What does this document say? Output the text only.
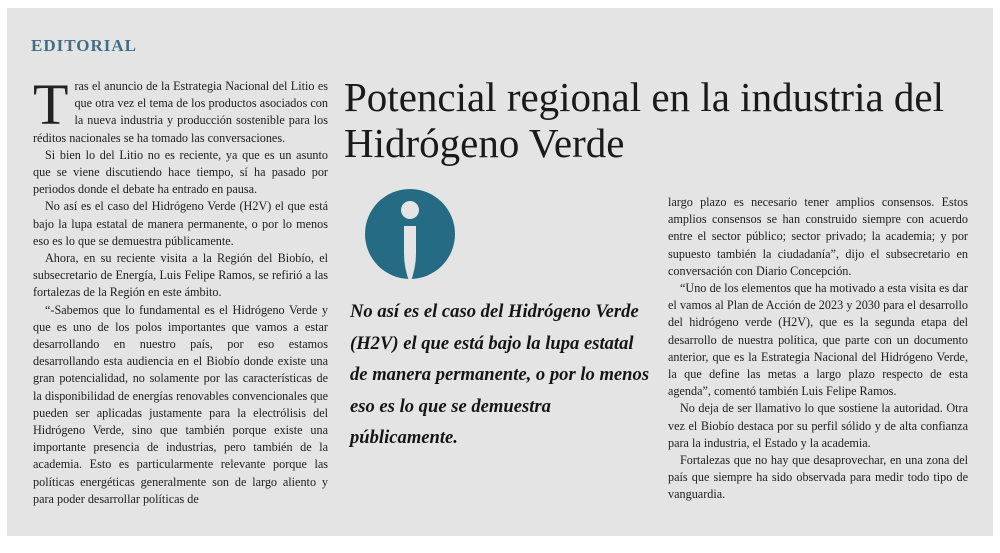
EDITORIAL

Tras el anuncio de la Estrategia Nacional del Litio es que otra vez el tema de los productos asociados con la nueva industria y producción sostenible para los réditos nacionales se ha tomado las conversaciones.

Si bien lo del Litio no es reciente, ya que es un asunto que se viene discutiendo hace tiempo, sí ha pasado por periodos donde el debate ha entrado en pausa.

No así es el caso del Hidrógeno Verde (H2V) el que está bajo la lupa estatal de manera permanente, o por lo menos eso es lo que se demuestra públicamente.

Ahora, en su reciente visita a la Región del Biobío, el subsecretario de Energía, Luis Felipe Ramos, se refirió a las fortalezas de la Región en este ámbito.

“-Sabemos que lo fundamental es el Hidrógeno Verde y que es uno de los polos importantes que vamos a estar desarrollando en nuestro país, por eso estamos desarrollando esta audiencia en el Biobío donde existe una gran potencialidad, no solamente por las características de la disponibilidad de energías renovables convencionales que pueden ser aplicadas justamente para la electrólisis del Hidrógeno Verde, sino que también porque existe una importante presencia de industrias, pero también de la academia. Esto es particularmente relevante porque las políticas energéticas generalmente son de largo aliento y para poder desarrollar políticas de

Potencial regional en la industria del Hidrógeno Verde
No así es el caso del Hidrógeno Verde (H2V) el que está bajo la lupa estatal de manera permanente, o por lo menos eso es lo que se demuestra públicamente.

largo plazo es necesario tener amplios consensos. Estos amplios consensos se han construido siempre con acuerdo entre el sector público; sector privado; la academia; y por supuesto también la ciudadanía”, dijo el subsecretario en conversación con Diario Concepción.

“Uno de los elementos que ha motivado a esta visita es dar el vamos al Plan de Acción de 2023 y 2030 para el desarrollo del hidrógeno verde (H2V), que es la segunda etapa del desarrollo de nuestra política, que parte con un documento anterior, que es la Estrategia Nacional del Hidrógeno Verde, la que define las metas a largo plazo respecto de esta agenda”, comentó también Luis Felipe Ramos.

No deja de ser llamativo lo que sostiene la autoridad. Otra vez el Biobío destaca por su perfil sólido y de alta confianza para la industria, el Estado y la academia.

Fortalezas que no hay que desaprovechar, en una zona del país que siempre ha sido observada para medir todo tipo de vanguardia.
